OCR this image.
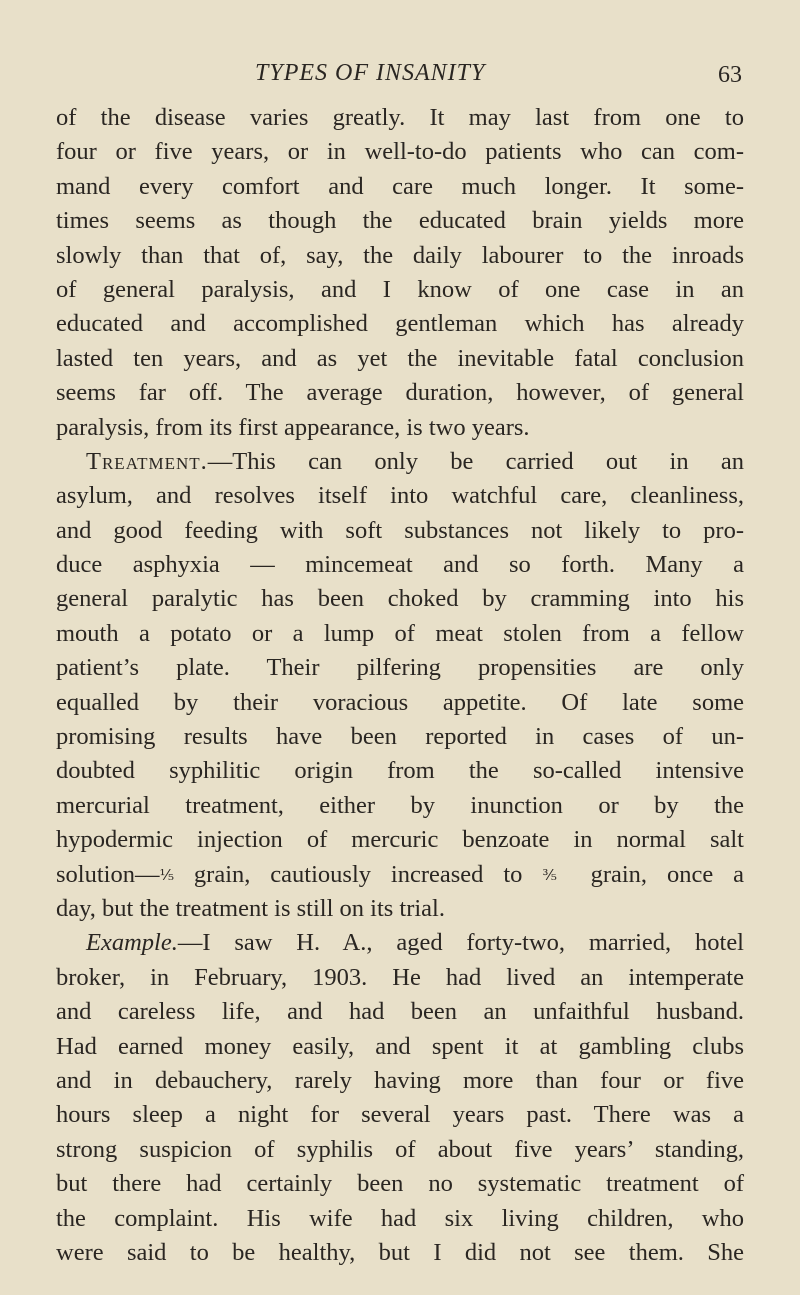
TYPES OF INSANITY	63
of the disease varies greatly. It may last from one to
four or five years, or in well-to-do patients who can com-
mand every comfort and care much longer. It some-
times seems as though the educated brain yields more
slowly than that of, say, the daily labourer to the inroads
of general paralysis, and I know of one case in an
educated and accomplished gentleman which has already
lasted ten years, and as yet the inevitable fatal conclusion
seems far off. The average duration, however, of general
paralysis, from its first appearance, is two years.
Treatment.—This can only be carried out in an
asylum, and resolves itself into watchful care, cleanliness,
and good feeding with soft substances not likely to pro-
duce asphyxia — mincemeat and so forth. Many a
general paralytic has been choked by cramming into his
mouth a potato or a lump of meat stolen from a fellow
patient’s plate. Their pilfering propensities are only
equalled by their voracious appetite. Of late some
promising results have been reported in cases of un-
doubted syphilitic origin from the so-called intensive
mercurial treatment, either by inunction or by the
hypodermic injection of mercuric benzoate in normal salt
solution—⅕ grain, cautiously increased to ⅗ grain, once a
day, but the treatment is still on its trial.
Example.—I saw H. A., aged forty-two, married, hotel
broker, in February, 1903. He had lived an intemperate
and careless life, and had been an unfaithful husband.
Had earned money easily, and spent it at gambling clubs
and in debauchery, rarely having more than four or five
hours sleep a night for several years past. There was a
strong suspicion of syphilis of about five years’ standing,
but there had certainly been no systematic treatment of
the complaint. His wife had six living children, who
were said to be healthy, but I did not see them. She
